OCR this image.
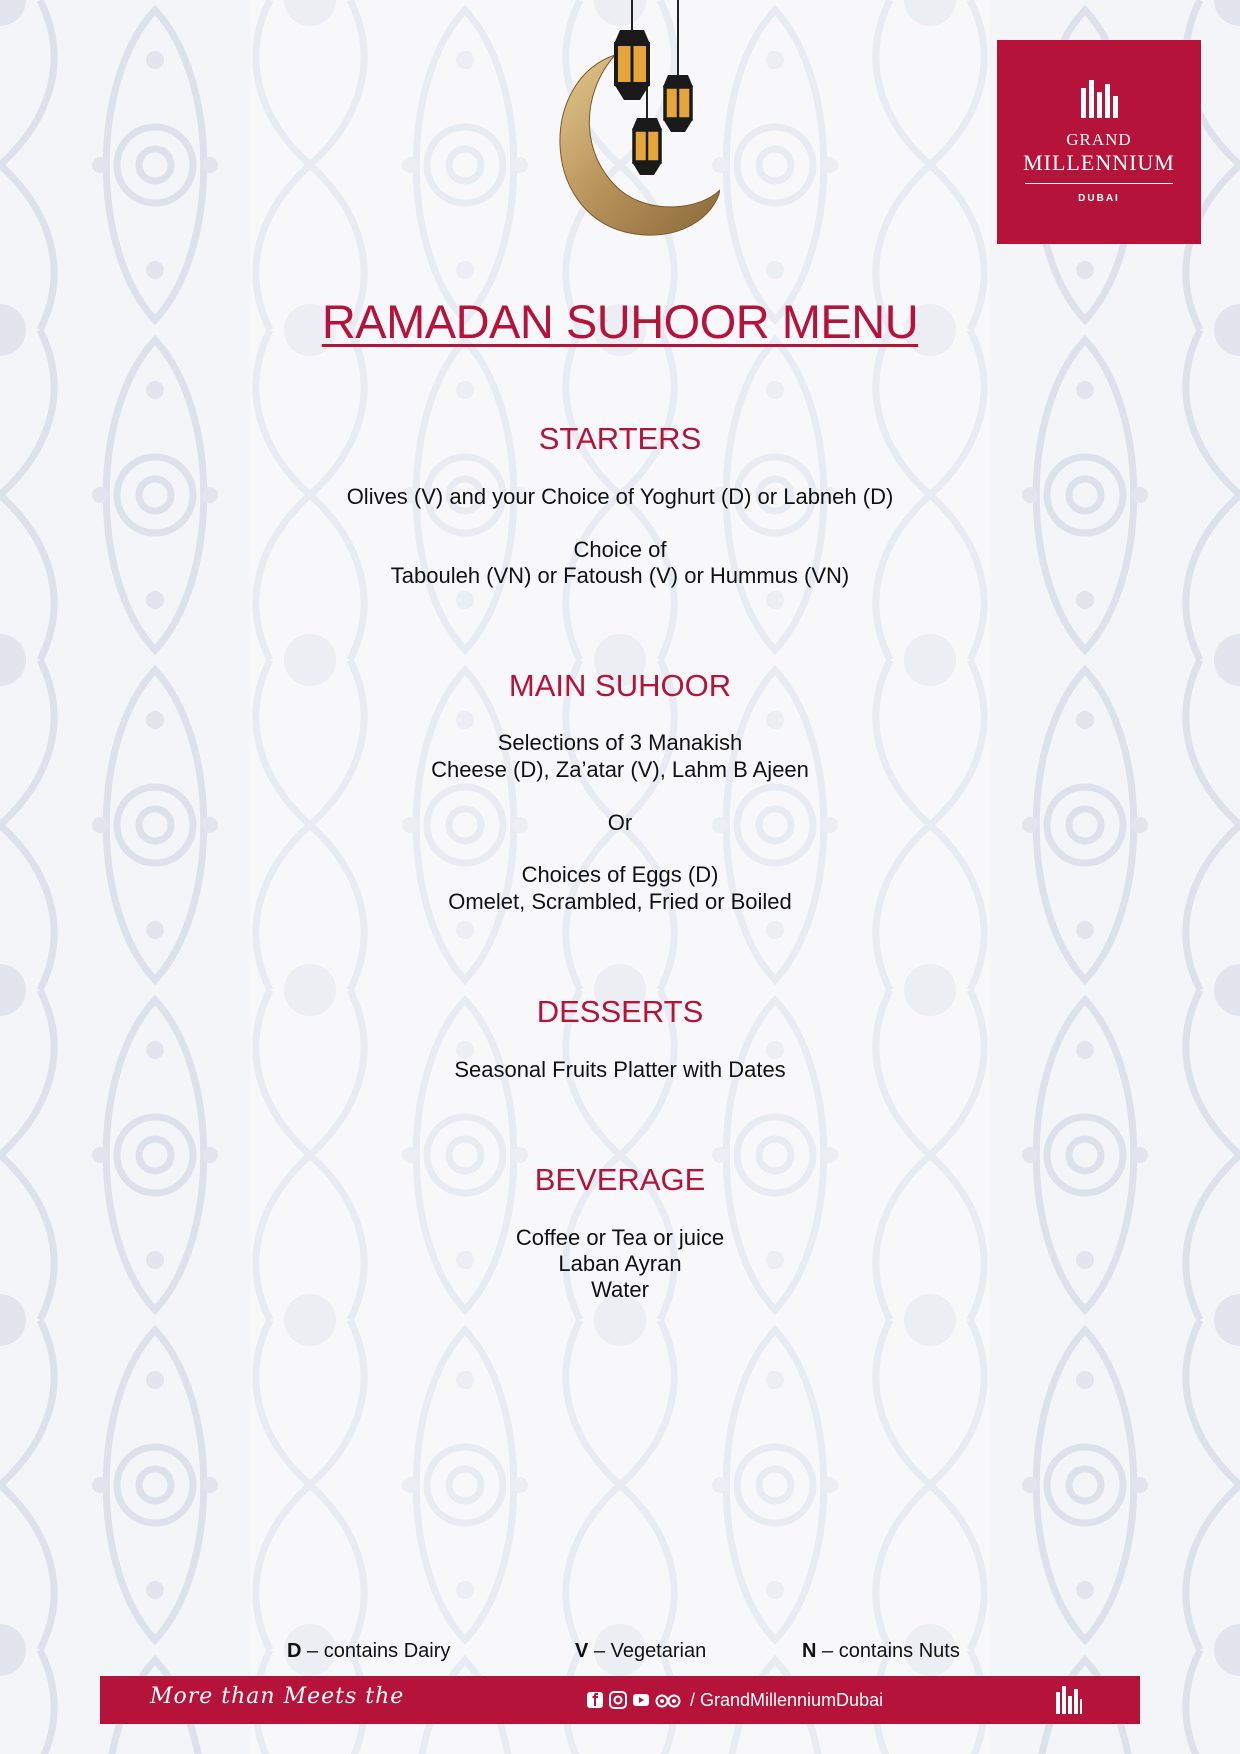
GRAND
MILLENNIUM
DUBAI
RAMADAN SUHOOR MENU
STARTERS
Olives (V) and your Choice of Yoghurt (D) or Labneh (D)
Choice of
Tabouleh (VN) or Fatoush (V) or Hummus (VN)
MAIN SUHOOR
Selections of 3 Manakish
Cheese (D), Za’atar (V), Lahm B Ajeen
Or
Choices of Eggs (D)
Omelet, Scrambled, Fried or Boiled
DESSERTS
Seasonal Fruits Platter with Dates
BEVERAGE
Coffee or Tea or juice
Laban Ayran
Water
D – contains Dairy	V – Vegetarian	N – contains Nuts
More than Meets the	/ GrandMillenniumDubai
